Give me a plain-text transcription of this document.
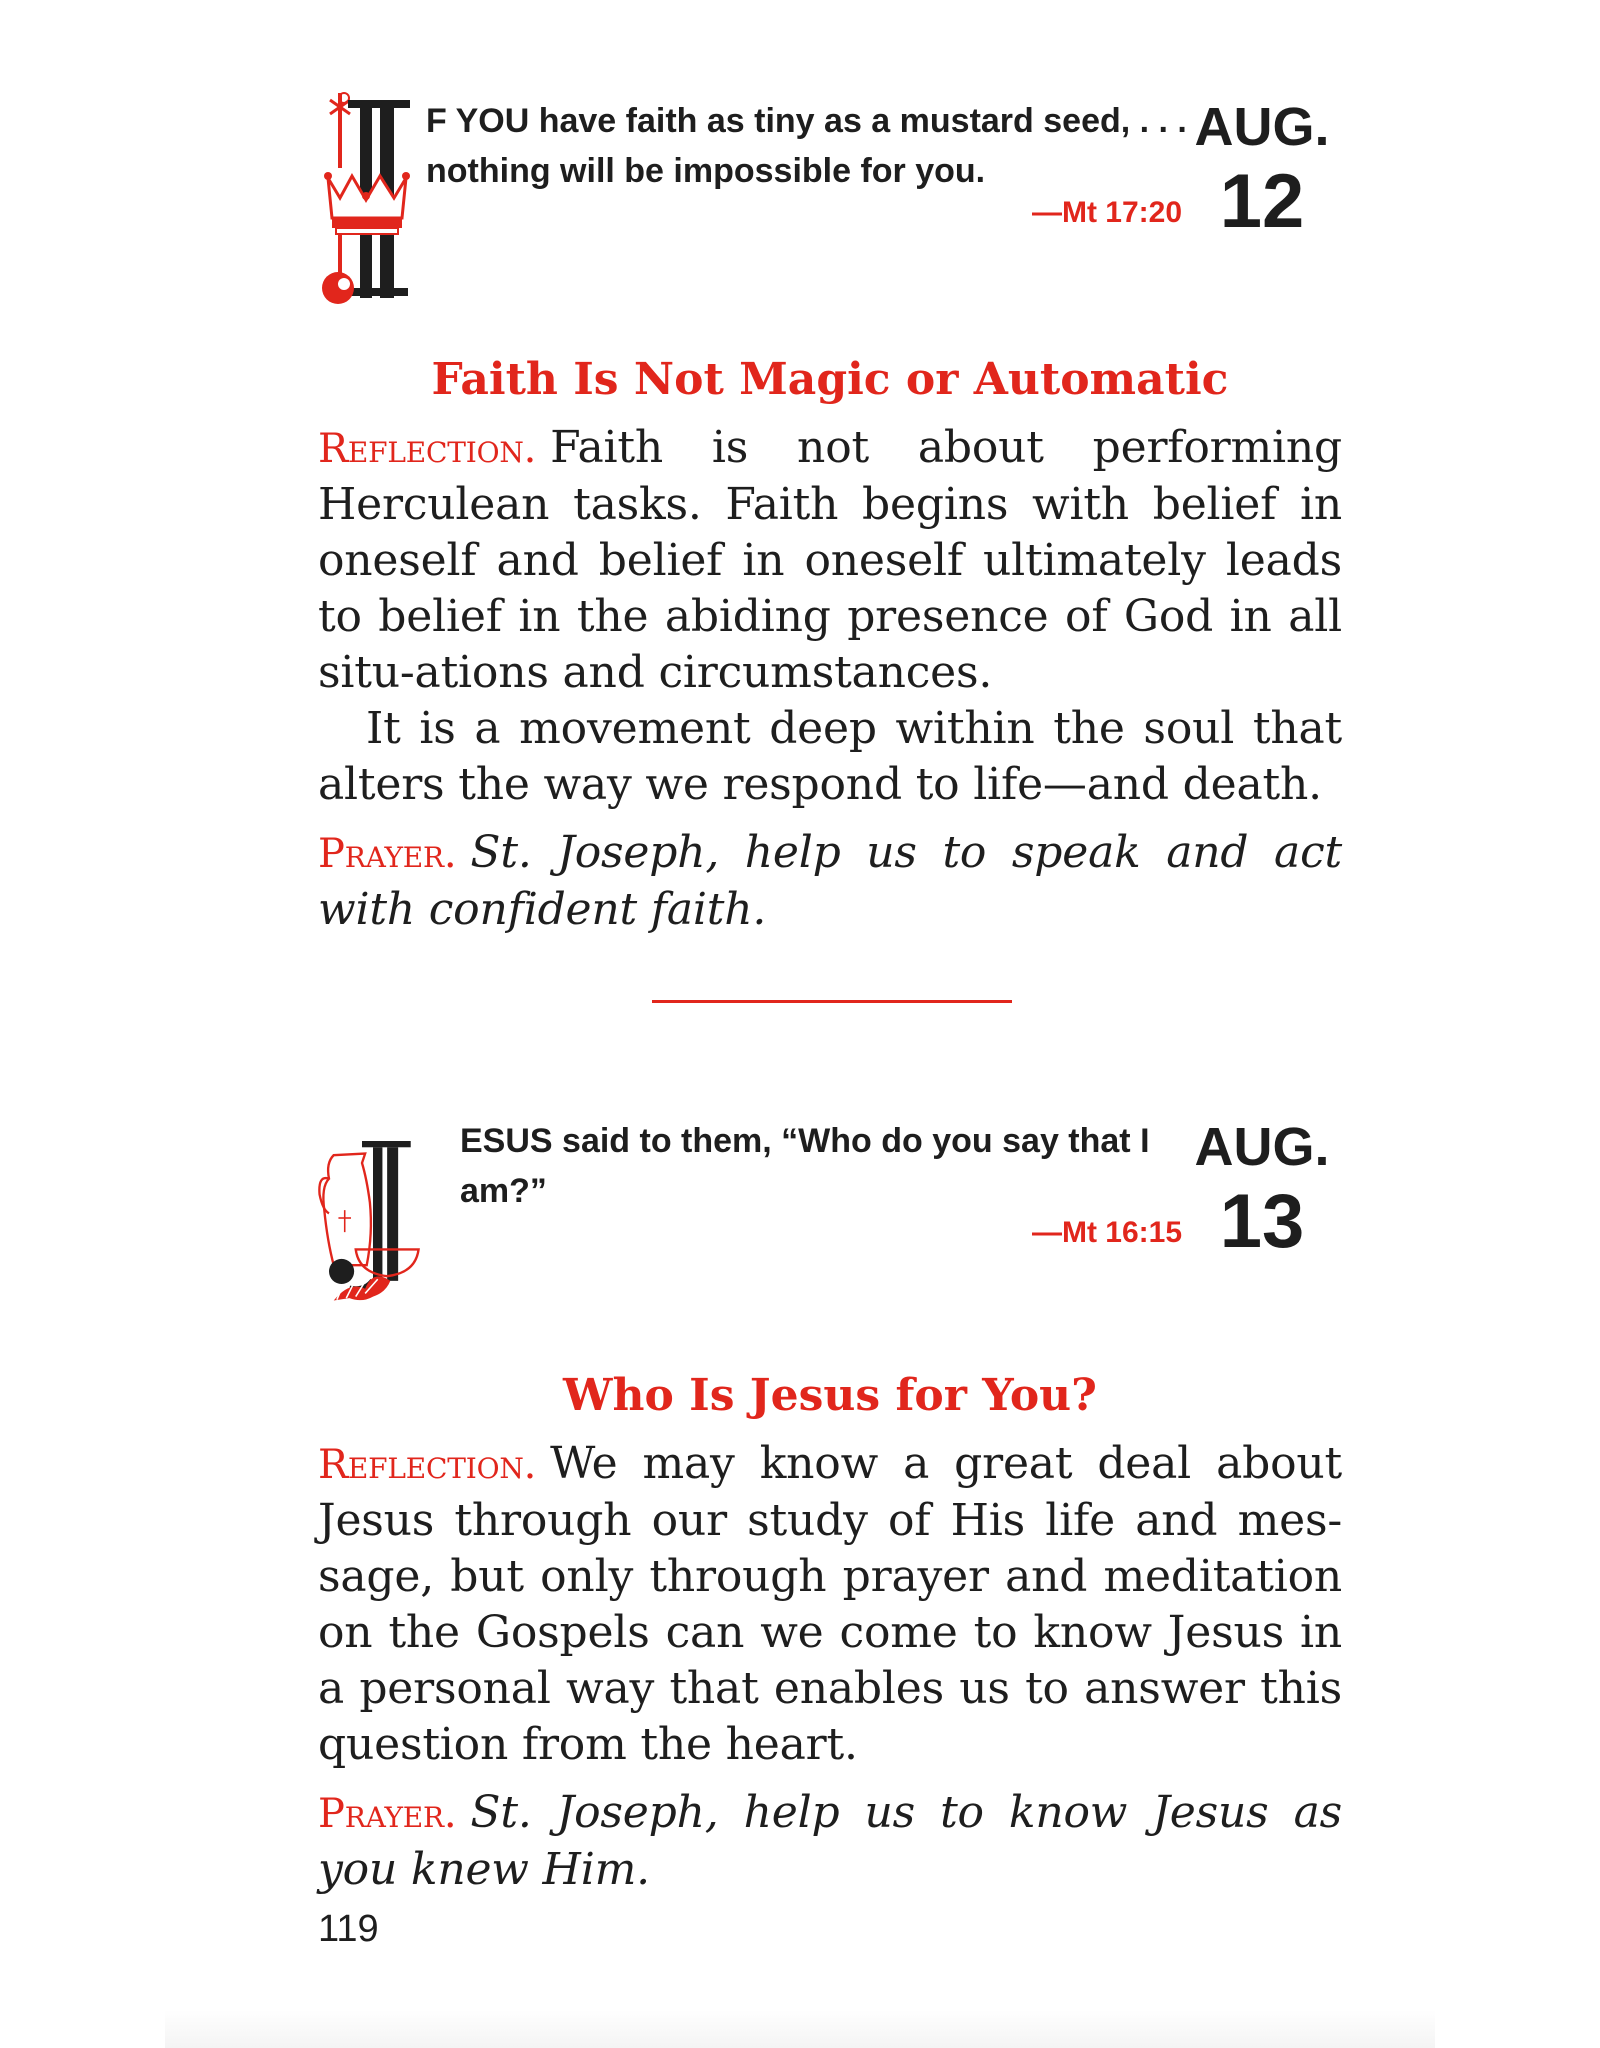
F YOU have faith as tiny as a mustard seed, . . . nothing will be impossible for you.
—Mt 17:20
AUG.
12
Faith Is Not Magic or Automatic

Reflection. Faith is not about performing Herculean tasks. Faith begins with belief in oneself and belief in oneself ultimately leads to belief in the abiding presence of God in all situ-ations and circumstances.

It is a movement deep within the soul that alters the way we respond to life—and death.

Prayer. St. Joseph, help us to speak and act with confident faith.

ESUS said to them, “Who do you say that I am?”
—Mt 16:15
AUG.
13
Who Is Jesus for You?

Reflection. We may know a great deal about Jesus through our study of His life and mes-sage, but only through prayer and meditation on the Gospels can we come to know Jesus in a personal way that enables us to answer this question from the heart.

Prayer. St. Joseph, help us to know Jesus as you knew Him.

119
